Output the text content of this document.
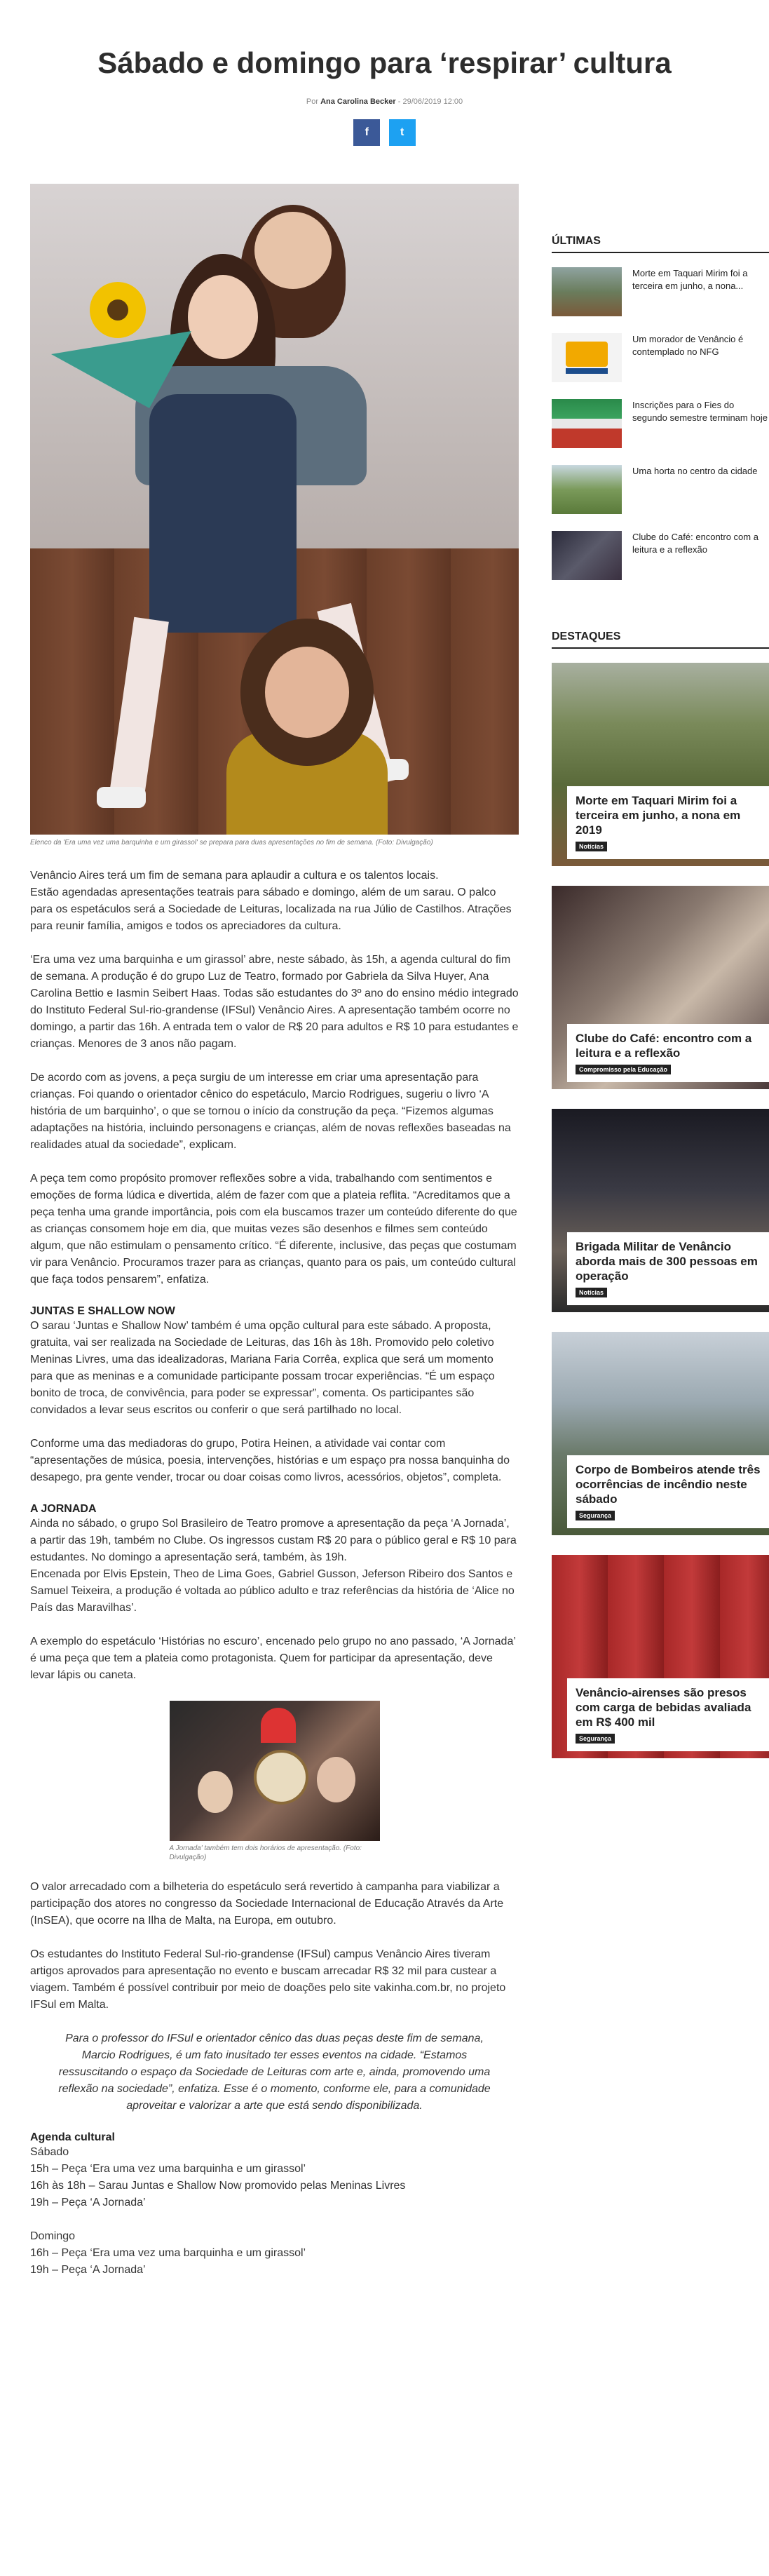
Sábado e domingo para ‘respirar’ cultura
Por Ana Carolina Becker - 29/06/2019 12:00
f	t
Elenco da 'Era uma vez uma barquinha e um girassol' se prepara para duas apresentações no fim de semana. (Foto: Divulgação)

Venâncio Aires terá um fim de semana para aplaudir a cultura e os talentos locais.
Estão agendadas apresentações teatrais para sábado e domingo, além de um sarau. O palco para os espetáculos será a Sociedade de Leituras, localizada na rua Júlio de Castilhos. Atrações para reunir família, amigos e todos os apreciadores da cultura.

‘Era uma vez uma barquinha e um girassol’ abre, neste sábado, às 15h, a agenda cultural do fim de semana. A produção é do grupo Luz de Teatro, formado por Gabriela da Silva Huyer, Ana Carolina Bettio e Iasmin Seibert Haas. Todas são estudantes do 3º ano do ensino médio integrado do Instituto Federal Sul-rio-grandense (IFSul) Venâncio Aires. A apresentação também ocorre no domingo, a partir das 16h. A entrada tem o valor de R$ 20 para adultos e R$ 10 para estudantes e crianças. Menores de 3 anos não pagam.

De acordo com as jovens, a peça surgiu de um interesse em criar uma apresentação para crianças. Foi quando o orientador cênico do espetáculo, Marcio Rodrigues, sugeriu o livro ‘A história de um barquinho’, o que se tornou o início da construção da peça. “Fizemos algumas adaptações na história, incluindo personagens e crianças, além de novas reflexões baseadas na realidades atual da sociedade”, explicam.

A peça tem como propósito promover reflexões sobre a vida, trabalhando com sentimentos e emoções de forma lúdica e divertida, além de fazer com que a plateia reflita. “Acreditamos que a peça tenha uma grande importância, pois com ela buscamos trazer um conteúdo diferente do que as crianças consomem hoje em dia, que muitas vezes são desenhos e filmes sem conteúdo algum, que não estimulam o pensamento crítico. “É diferente, inclusive, das peças que costumam vir para Venâncio. Procuramos trazer para as crianças, quanto para os pais, um conteúdo cultural que faça todos pensarem”, enfatiza.

JUNTAS E SHALLOW NOW

O sarau ‘Juntas e Shallow Now’ também é uma opção cultural para este sábado. A proposta, gratuita, vai ser realizada na Sociedade de Leituras, das 16h às 18h. Promovido pelo coletivo Meninas Livres, uma das idealizadoras, Mariana Faria Corrêa, explica que será um momento para que as meninas e a comunidade participante possam trocar experiências. “É um espaço bonito de troca, de convivência, para poder se expressar”, comenta. Os participantes são convidados a levar seus escritos ou conferir o que será partilhado no local.

Conforme uma das mediadoras do grupo, Potira Heinen, a atividade vai contar com “apresentações de música, poesia, intervenções, histórias e um espaço pra nossa banquinha do desapego, pra gente vender, trocar ou doar coisas como livros, acessórios, objetos”, completa.

A JORNADA

Ainda no sábado, o grupo Sol Brasileiro de Teatro promove a apresentação da peça ‘A Jornada’, a partir das 19h, também no Clube. Os ingressos custam R$ 20 para o público geral e R$ 10 para estudantes. No domingo a apresentação será, também, às 19h.
Encenada por Elvis Epstein, Theo de Lima Goes, Gabriel Gusson, Jeferson Ribeiro dos Santos e Samuel Teixeira, a produção é voltada ao público adulto e traz referências da história de ‘Alice no País das Maravilhas’.

A exemplo do espetáculo ‘Histórias no escuro’, encenado pelo grupo no ano passado, ‘A Jornada’ é uma peça que tem a plateia como protagonista. Quem for participar da apresentação, deve levar lápis ou caneta.

A Jornada' também tem dois horários de apresentação. (Foto: Divulgação)

O valor arrecadado com a bilheteria do espetáculo será revertido à campanha para viabilizar a participação dos atores no congresso da Sociedade Internacional de Educação Através da Arte (InSEA), que ocorre na Ilha de Malta, na Europa, em outubro.

Os estudantes do Instituto Federal Sul-rio-grandense (IFSul) campus Venâncio Aires tiveram artigos aprovados para apresentação no evento e buscam arrecadar R$ 32 mil para custear a viagem. Também é possível contribuir por meio de doações pelo site vakinha.com.br, no projeto IFSul em Malta.

Para o professor do IFSul e orientador cênico das duas peças deste fim de semana, Marcio Rodrigues, é um fato inusitado ter esses eventos na cidade. “Estamos ressuscitando o espaço da Sociedade de Leituras com arte e, ainda, promovendo uma reflexão na sociedade”, enfatiza. Esse é o momento, conforme ele, para a comunidade aproveitar e valorizar a arte que está sendo disponibilizada.

Agenda cultural

Sábado

15h – Peça ‘Era uma vez uma barquinha e um girassol’

16h às 18h – Sarau Juntas e Shallow Now promovido pelas Meninas Livres

19h – Peça ‘A Jornada’

Domingo

16h – Peça ‘Era uma vez uma barquinha e um girassol’

19h – Peça ‘A Jornada’

ÚLTIMAS
Morte em Taquari Mirim foi a terceira em junho, a nona...
Um morador de Venâncio é contemplado no NFG
Inscrições para o Fies do segundo semestre terminam hoje
Uma horta no centro da cidade
Clube do Café: encontro com a leitura e a reflexão
DESTAQUES
Morte em Taquari Mirim foi a terceira em junho, a nona em 2019
Notícias
Clube do Café: encontro com a leitura e a reflexão
Compromisso pela Educação
Brigada Militar de Venâncio aborda mais de 300 pessoas em operação
Notícias
Corpo de Bombeiros atende três ocorrências de incêndio neste sábado
Segurança
Venâncio-airenses são presos com carga de bebidas avaliada em R$ 400 mil
Segurança
